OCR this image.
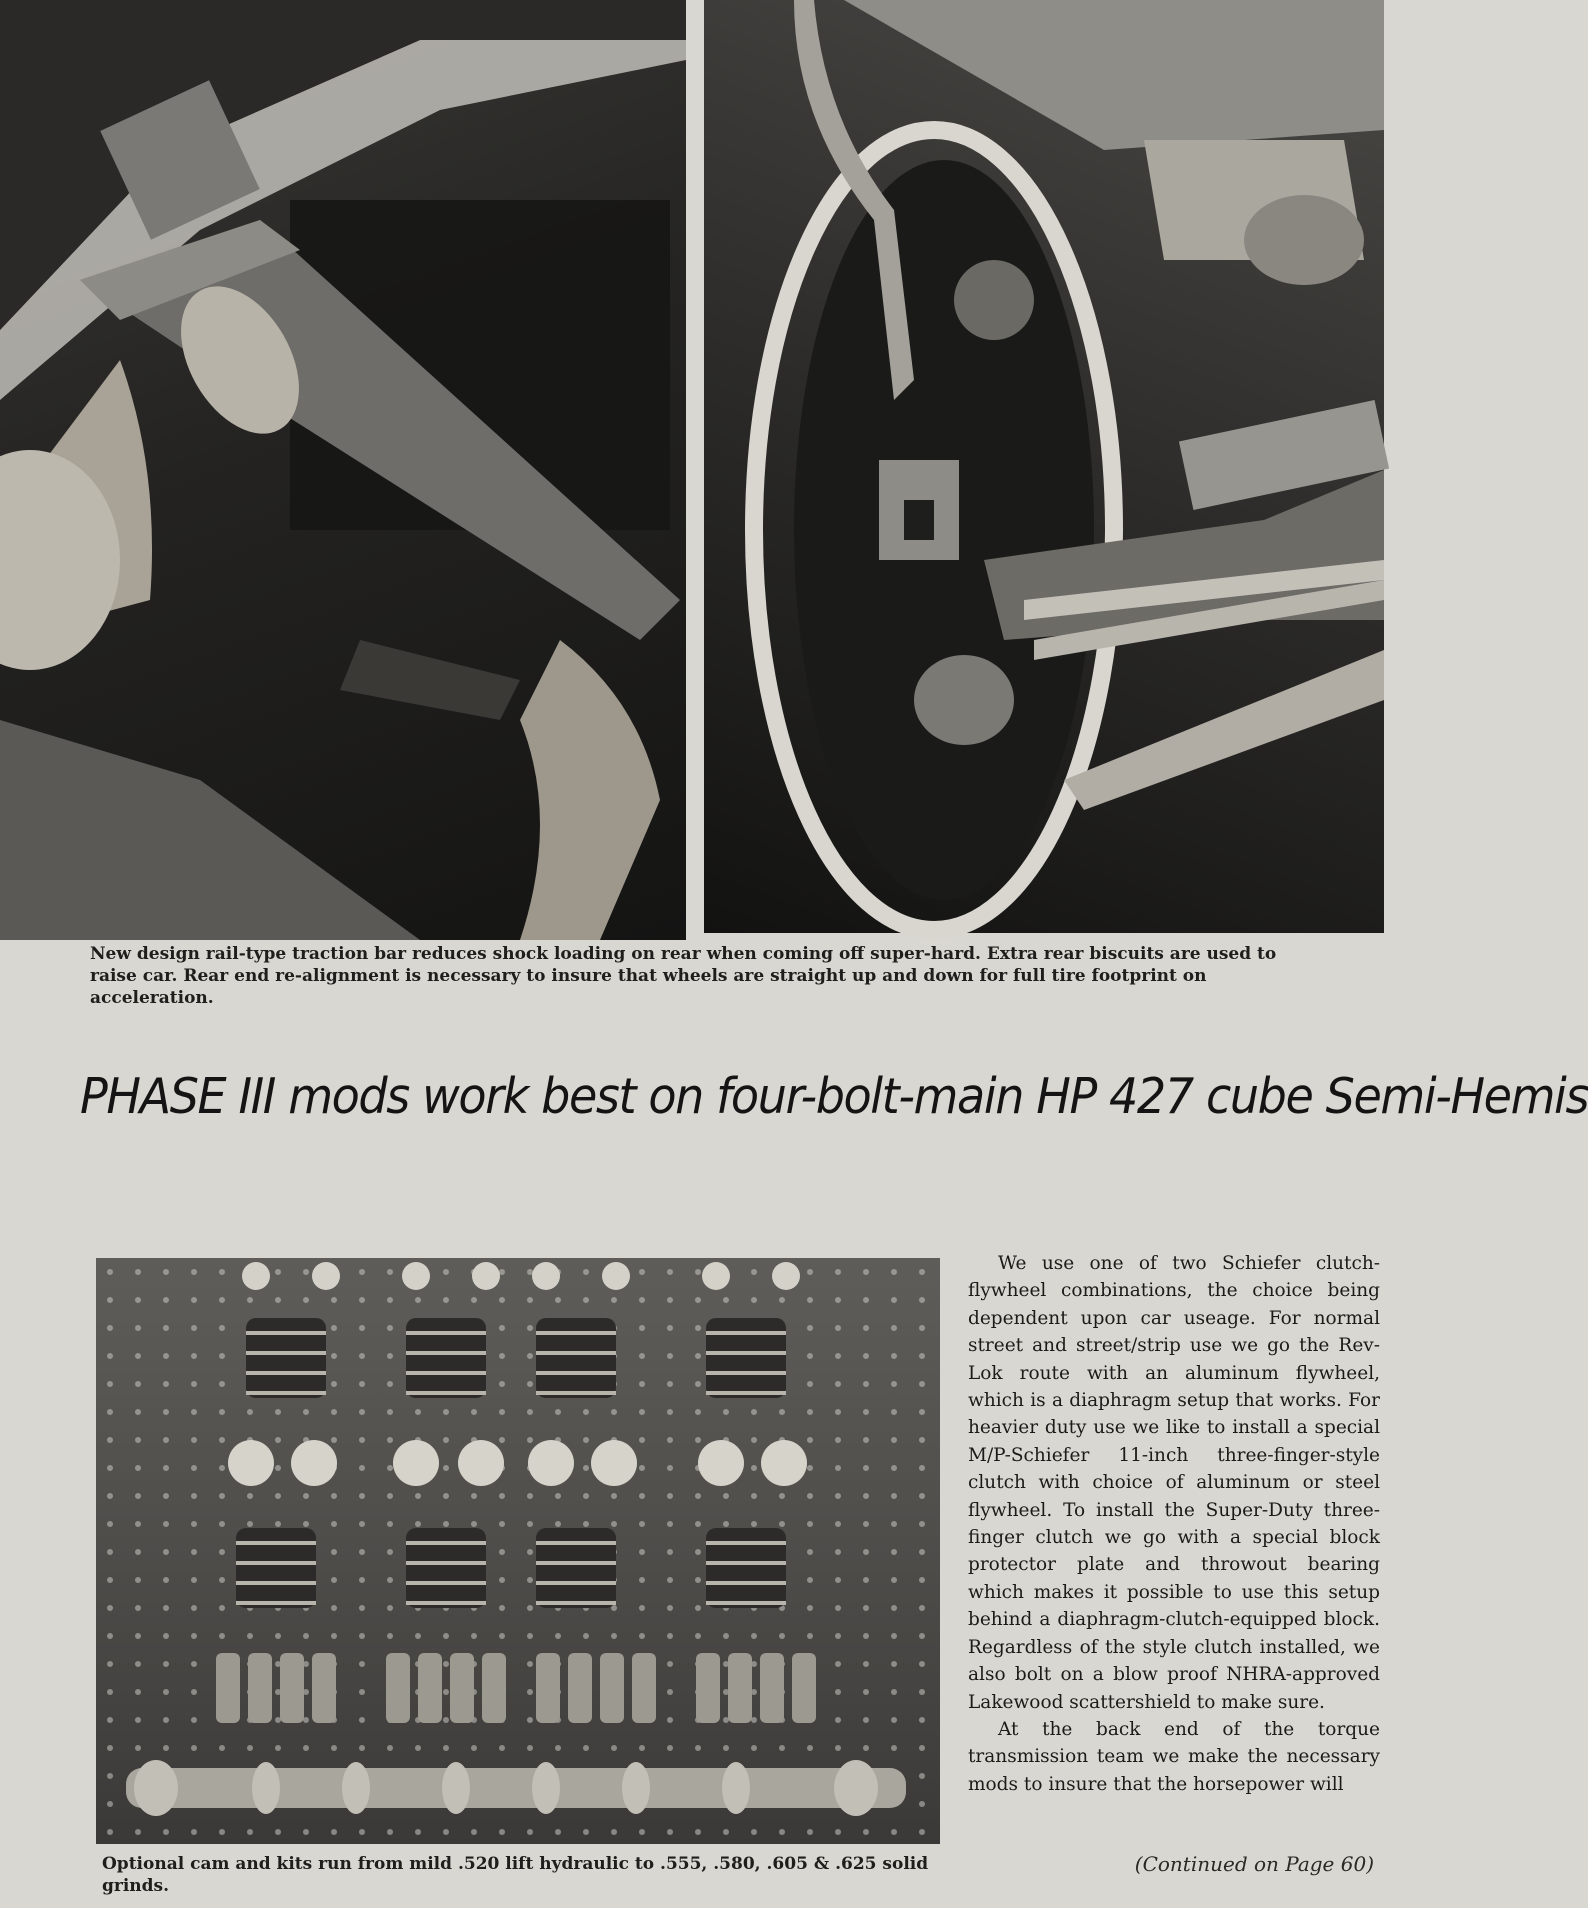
New design rail-type traction bar reduces shock loading on rear when coming off super-hard. Extra rear biscuits are used to raise car. Rear end re-alignment is necessary to insure that wheels are straight up and down for full tire footprint on acceleration.

PHASE III mods work best on four-bolt-main HP 427 cube Semi-Hemis

Optional cam and kits run from mild .520 lift hydraulic to .555, .580, .605 & .625 solid grinds.

We use one of two Schiefer clutch-flywheel combinations, the choice being dependent upon car useage. For normal street and street/strip use we go the Rev-Lok route with an aluminum flywheel, which is a diaphragm setup that works. For heavier duty use we like to install a special M/P-Schiefer 11-inch three-finger-style clutch with choice of aluminum or steel flywheel. To install the Super-Duty three-finger clutch we go with a special block protector plate and throwout bearing which makes it possible to use this setup behind a diaphragm-clutch-equipped block. Regardless of the style clutch installed, we also bolt on a blow proof NHRA-approved Lakewood scattershield to make sure.

At the back end of the torque transmission team we make the necessary mods to insure that the horsepower will

(Continued on Page 60)
